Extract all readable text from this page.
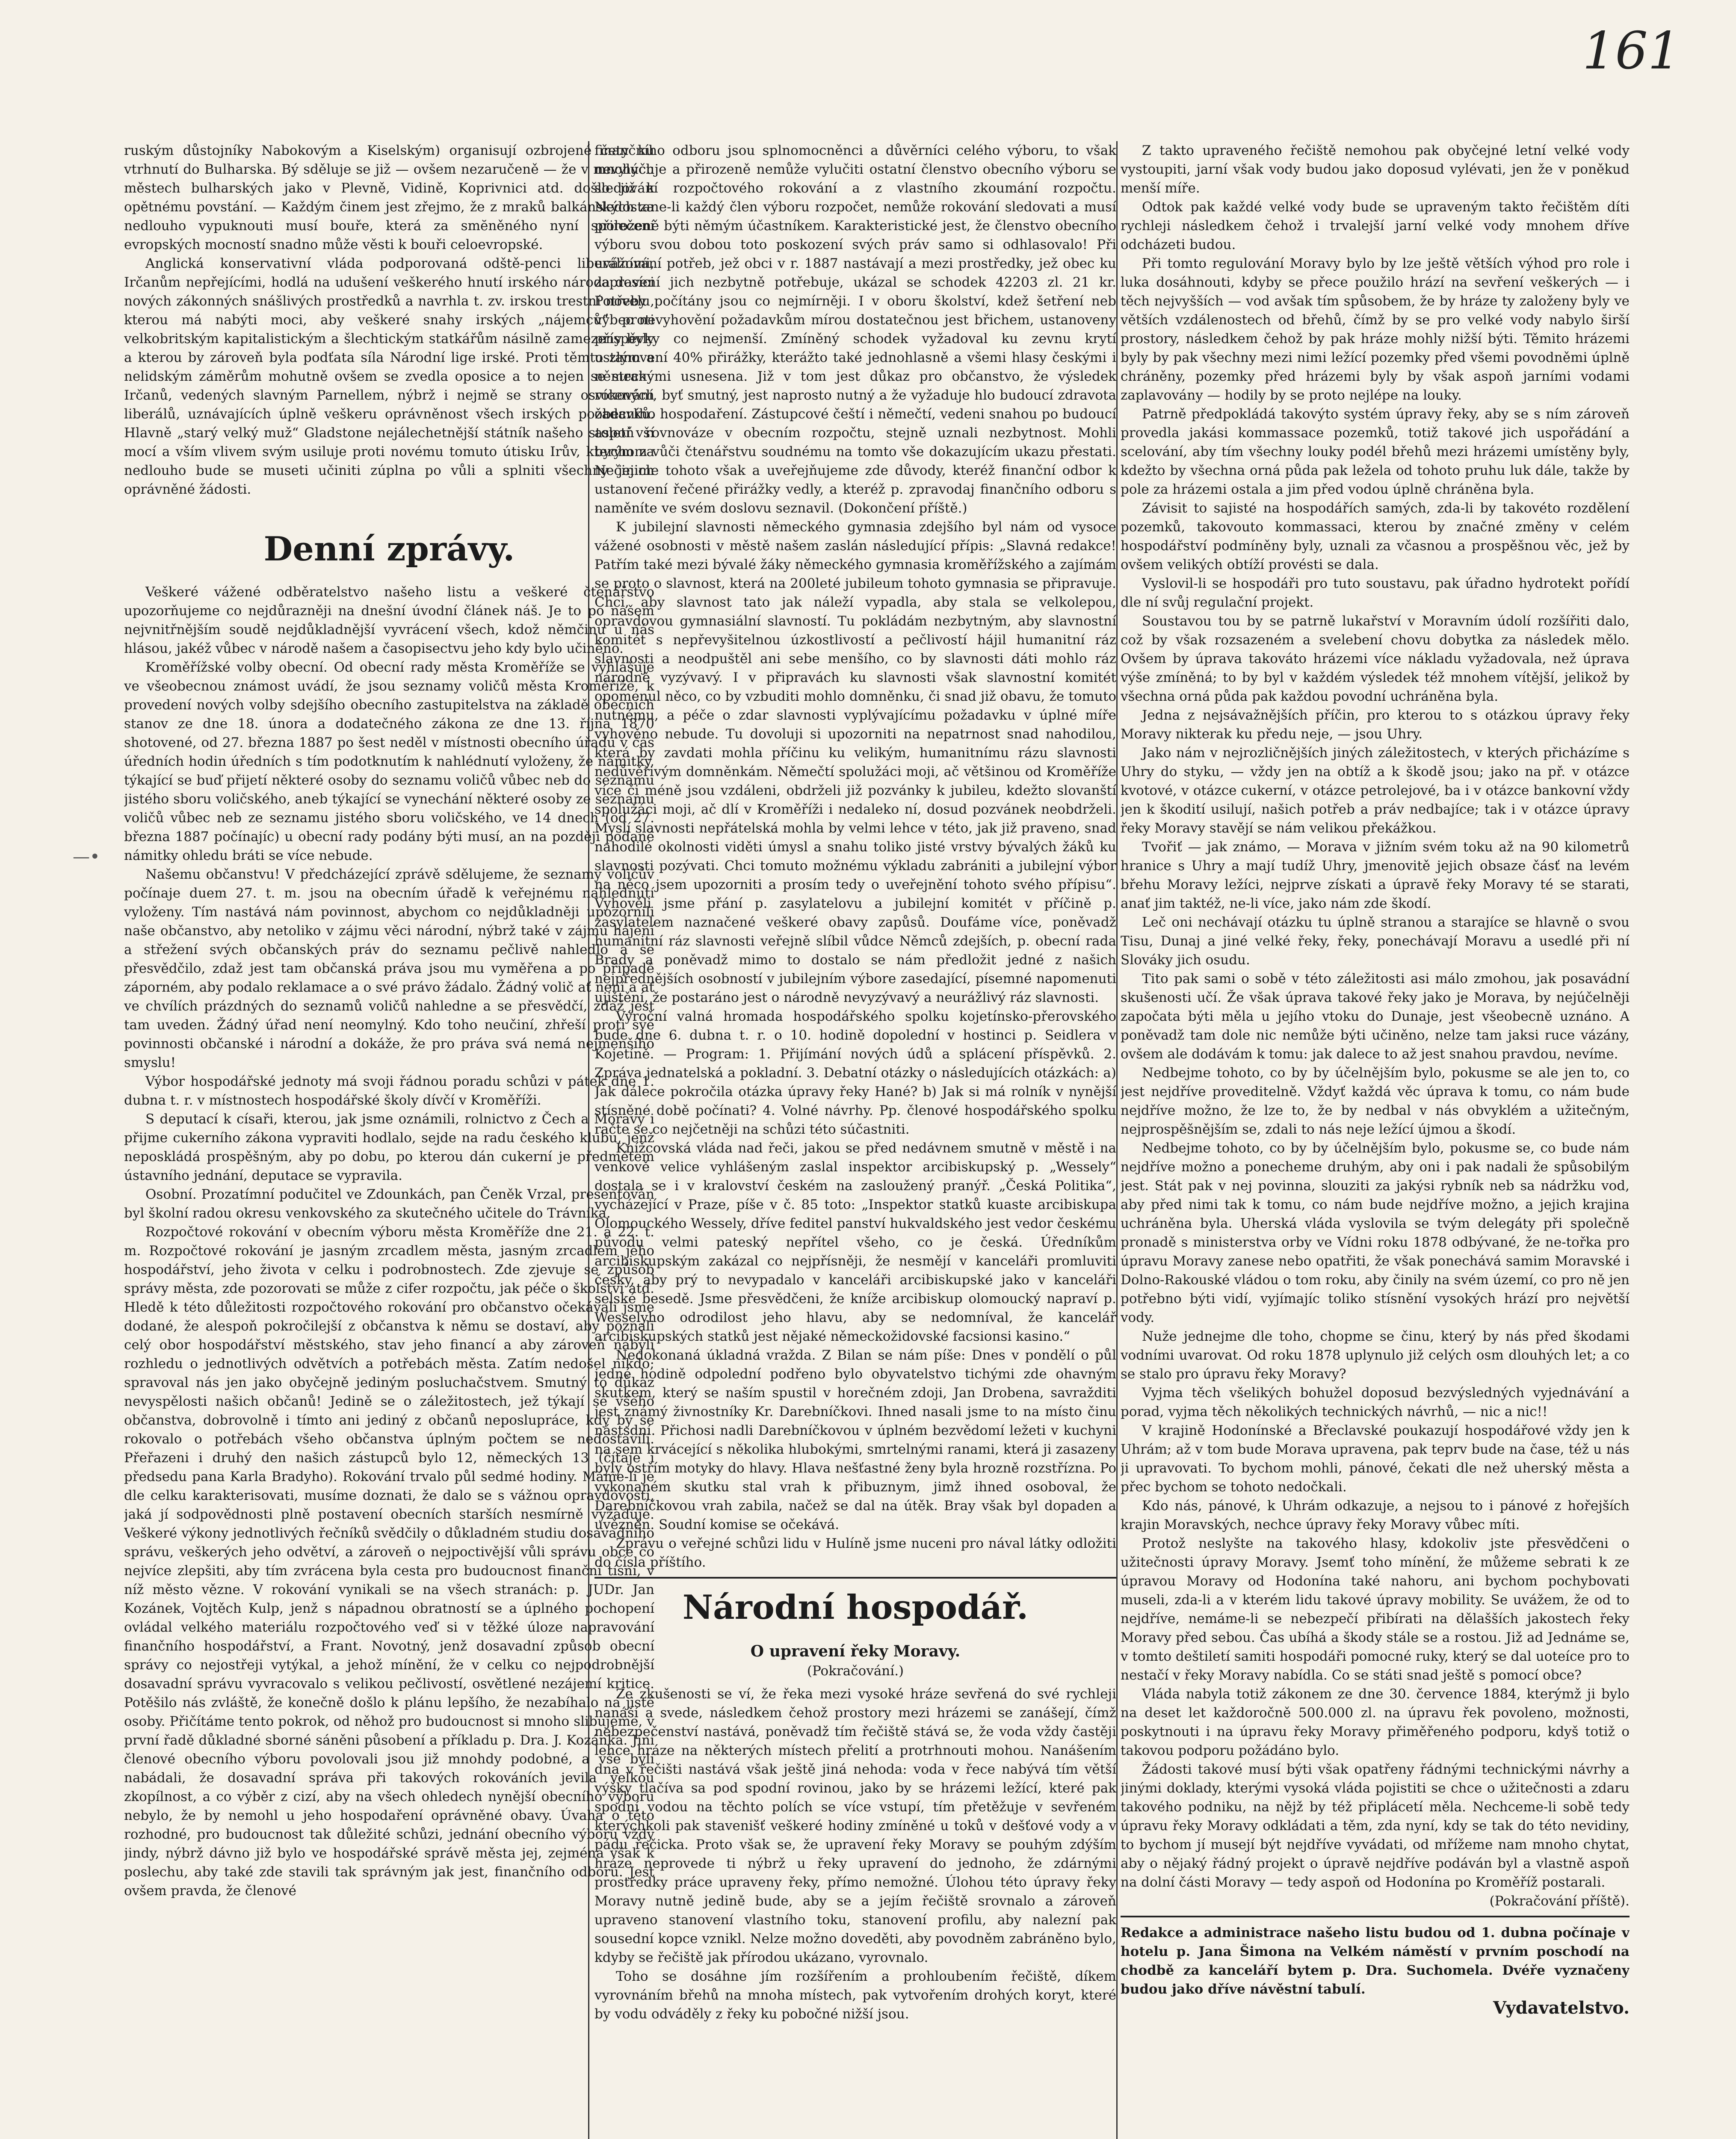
161
—•

ruským důstojníky Nabokovým a Kiselským) organisují ozbrojené čety ku vtrhnutí do Bulharska. Bý sděluje se již — ovšem nezaručeně — že v mnohých městech bulharských jako v Plevně, Vidině, Koprivnici atd. došlo již k opětnému povstání. — Každým činem jest zřejmo, že z mraků balkánských za nedlouho vypuknouti musí bouře, která za smĕněného nyní společení evropských mocností snadno může věsti k bouři celoevropské.

Anglická konservativní vláda podporovaná odště-penci liberálními, Irčanům nepřejícími, hodlá na udušení veškerého hnutí irského národa dosíci nových zákonných snášlivých prostředků a navrhla t. zv. irskou trestní novelu, kterou má nabýti moci, aby veškeré snahy irských „nájemců“ proti velkobritským kapitalistickým a šlechtickým statkářům násilně zamezeny byly a kterou by zároveň byla podťata síla Národní lige irské. Proti těmto zlým a nelidským záměrům mohutně ovšem se zvedla oposice a to nejen se strany Irčanů, vedených slavným Parnellem, nýbrž i nejmě se strany osvícených liberálů, uznávajících úplně veškeru oprávněnost všech irských požadavků. Hlavně „starý velký muž“ Gladstone nejálechetnější státník našeho století vší mocí a vším vlivem svým usiluje proti novému tomuto útisku Irův, kterým za nedlouho bude se museti učiniti zúplna po vůli a splniti všechny jejich oprávněné žádosti.

Denní zprávy.

Veškeré vážené odběratelstvo našeho listu a veškeré čtenářstvo upozorňujeme co nejdůrazněji na dnešní úvodní článek náš. Je to po našem nejvnitřnějším soudě nejdůkladnější vyvrácení všech, kdož němčinu u nás hlásou, jakéž vůbec v národě našem a časopisectvu jeho kdy bylo učiněno.

Kroměřížské volby obecní. Od obecní rady města Kroměříže se vyhlašuje ve všeobecnou známost uvádí, že jsou seznamy voličů města Kroměříže, k provedení nových volby sdejšího obecního zastupitelstva na základě obecních stanov ze dne 18. února a dodatečného zákona ze dne 13. října 1870 shotovené, od 27. března 1887 po šest neděl v místnosti obecního úřadu v čas úředních hodin úředních s tím podotknutím k nahlédnutí vyloženy, že námitky, týkající se buď přijetí některé osoby do seznamu voličů vůbec neb do seznamu jistého sboru voličského, aneb týkající se vynechání některé osoby ze seznamu voličů vůbec neb ze seznamu jistého sboru voličského, ve 14 dnech (od 27. března 1887 počínajíc) u obecní rady podány býti musí, an na později podané námitky ohledu bráti se více nebude.

Našemu občanstvu! V předcházející zprávě sdělujeme, že seznamy voličův počínaje duem 27. t. m. jsou na obecním úřadě k veřejnému nahlednutí vyloženy. Tím nastává nám povinnost, abychom co nejdůkladněji upozornili naše občanstvo, aby netoliko v zájmu věci národní, nýbrž také v zájmu hájení a střežení svých občanských práv do seznamu pečlivě nahledlo a se přesvědčilo, zdaž jest tam občanská práva jsou mu vyměřena a po případě záporném, aby podalo reklamace a o své právo žádalo. Žádný volič ať není a ať ve chvílích prázdných do seznamů voličů nahledne a se přesvědčí, zdaž jest tam uveden. Žádný úřad není neomylný. Kdo toho neučiní, zhřeší proti své povinnosti občanské i národní a dokáže, že pro práva svá nemá nejmenšího smyslu!

Výbor hospodářské jednoty má svoji řádnou poradu schůzi v pátek dne 1. dubna t. r. v místnostech hospodářské školy dívčí v Kroměříži.

S deputací k císaři, kterou, jak jsme oznámili, rolnictvo z Čech a Moravy i přijme cukerního zákona vypraviti hodlalo, sejde na radu českého klubu, jenž neposkládá prospěšným, aby po dobu, po kterou dán cukerní je předmětem ústavního jednání, deputace se vypravila.

Osobní. Prozatímní podučitel ve Zdounkách, pan Čeněk Vrzal, presentován byl školní radou okresu venkovského za skutečného učitele do Trávníka.

Rozpočtové rokování v obecním výboru města Kroměříže dne 21. a 22. t. m. Rozpočtové rokování je jasným zrcadlem města, jasným zrcadlem jeho hospodářství, jeho života v celku i podrobnostech. Zde zjevuje se způsob správy města, zde pozorovati se může z cifer rozpočtu, jak péče o školství atd. Hledě k této důležitosti rozpočtového rokování pro občanstvo očekávali jsme dodané, že alespoň pokročilejší z občanstva k němu se dostaví, aby poznali celý obor hospodářství městského, stav jeho financí a aby zároveň nabyli rozhledu o jednotlivých odvětvích a potřebách města. Zatím nedošel nikdo; spravoval nás jen jako obyčejně jediným posluchačstvem. Smutný to důkaz nevyspělosti našich občanů! Jedině se o záležitostech, jež týkají se všeho občanstva, dobrovolně i tímto ani jediný z občanů neposlupráce, kdy by se rokovalo o potřebách všeho občanstva úplným počtem se nedostavili. Přeřazeni i druhý den našich zástupců bylo 12, německých 13 (čítaje i předsedu pana Karla Bradyho). Rokování trvalo půl sedmé hodiny. Máme-li je dle celku karakterisovati, musíme doznati, že dalo se s vážnou opravdovostí, jaká jí sodpovědnosti plně postavení obecních starších nesmírně vyžaduje. Veškeré výkony jednotlivých řečníků svědčily o důkladném studiu dosavadního správu, veškerých jeho odvětví, a zároveň o nejpoctivější vůli správu obce co nejvíce zlepšiti, aby tím zvrácena byla cesta pro budoucnost finanční tísni, v níž město vězne. V rokování vynikali se na všech stranách: p. JUDr. Jan Kozánek, Vojtěch Kulp, jenž s nápadnou obratností se a úplného pochopení ovládal velkého materiálu rozpočtového veď si v těžké úloze napravování finančního hospodářství, a Frant. Novotný, jenž dosavadní způsob obecní správy co nejostřeji vytýkal, a jehož mínění, že v celku co nejpodrobnější dosavadní správu vyvracovalo s velikou pečlivostí, osvětlené nezájemí kritice. Potěšilo nás zvláště, že konečně došlo k plánu lepšího, že nezabíhalo na jisté osoby. Přičítáme tento pokrok, od něhož pro budoucnost si mnoho slibujeme, v první řadě důkladné sborné sáněni působení a příkladu p. Dra. J. Kozánka. Jiní členové obecního výboru povolovali jsou již mnohdy podobné, a vše byli nabádali, že dosavadní správa při takových rokováních jevila velkou zkopílnost, a co výběr z cizí, aby na všech ohledech nynější obecního výboru nebylo, že by nemohl u jeho hospodaření oprávněné obavy. Úvaha o této rozhodné, pro budoucnost tak důležité schůzi, jednání obecního výboru vždy jindy, nýbrž dávno již bylo ve hospodářské správě města jej, zejména však k poslechu, aby také zde stavili tak správným jak jest, finančního odboru. Jest ovšem pravda, že členové

finančního odboru jsou splnomocněnci a důvěrníci celého výboru, to však nevylučuje a přirozeně nemůže vylučiti ostatní členstvo obecního výboru se sledování rozpočtového rokování a z vlastního zkoumání rozpočtu. Nedostane-li každý člen výboru rozpočet, nemůže rokování sledovati a musí přirozeně býti němým účastníkem. Karakteristické jest, že členstvo obecního výboru svou dobou toto poskození svých práv samo si odhlasovalo! Při uvážování potřeb, jež obci v r. 1887 nastávají a mezi prostředky, jež obec ku zapravení jich nezbytně potřebuje, ukázal se schodek 42203 zl. 21 kr. Potřeby počítány jsou co nejmírněji. I v oboru školství, kdež šetření neb výbec nevyhovění požadavkům mírou dostatečnou jest břichem, ustanoveny příspěvky co nejmenší. Zmíněný schodek vyžadoval ku zevnu krytí ustanovení 40% přirážky, kterážto také jednohlasně a všemi hlasy českými i německými usnesena. Již v tom jest důkaz pro občanstvo, že výsledek rokování, byť smutný, jest naprosto nutný a že vyžaduje hlo budoucí zdravota obecního hospodaření. Zástupcové čeští i němečtí, vedeni snahou po budoucí aspoň rovnováze v obecním rozpočtu, stejně uznali nezbytnost. Mohli bychom vůči čtenářstvu soudnému na tomto vše dokazujícím ukazu přestati. Nečinime tohoto však a uveřejňujeme zde důvody, kteréž finanční odbor k ustanovení řečené přirážky vedly, a kteréž p. zpravodaj finančního odboru s naměníte ve svém doslovu seznavil. (Dokončení příště.)

K jubilejní slavnosti německého gymnasia zdejšího byl nám od vysoce vážené osobnosti v městě našem zaslán následující přípis: „Slavná redakce! Patřím také mezi bývalé žáky německého gymnasia kroměřížského a zajímám se proto o slavnost, která na 200leté jubileum tohoto gymnasia se připravuje. Chci, aby slavnost tato jak náleží vypadla, aby stala se velkolepou, opravdovou gymnasiální slavností. Tu pokládám nezbytným, aby slavnostní komitét s nepřevyšitelnou úzkostlivostí a pečlivostí hájil humanitní ráz slavnosti a neodpuštěl ani sebe menšího, co by slavnosti dáti mohlo ráz národně vyzývavý. I v připravách ku slavnosti však slavnostní komitét opomenul něco, co by vzbuditi mohlo domněnku, či snad již obavu, že tomuto nutnému, a péče o zdar slavnosti vyplývajícímu požadavku v úplné míře vyhověno nebude. Tu dovoluji si upozorniti na nepatrnost snad nahodilou, která by zavdati mohla příčinu ku velikým, humanitnímu rázu slavnosti nedůvěřivým domněnkám. Němečtí spolužáci moji, ač většinou od Kroměříže více či méně jsou vzdáleni, obdrželi již pozvánky k jubileu, kdežto slovanští spolužáci moji, ač dlí v Kroměříži i nedaleko ní, dosud pozvánek neobdrželi. Myslí slavnosti nepřátelská mohla by velmi lehce v této, jak již praveno, snad nahodilé okolnosti viděti úmysl a snahu toliko jisté vrstvy bývalých žáků ku slavnosti pozývati. Chci tomuto možnému výkladu zabrániti a jubilejní výbor na něco jsem upozorniti a prosím tedy o uveřejnění tohoto svého přípisu“. Vyhověli jsme přání p. zasylatelovu a jubilejní komitét v příčině p. zasylatelem naznačené veškeré obavy zapůsů. Doufáme více, poněvadž humanitní ráz slavnosti veřejně slíbil vůdce Němců zdejších, p. obecní rada Brady a poněvadž mimo to dostalo se nám předložit jedné z našich nejpřednějších osobností v jubilejním výbore zasedající, písemné napomenuti ujištění, že postaráno jest o národně nevyzývavý a neurážlivý ráz slavnosti.

Výroční valná hromada hospodářského spolku kojetínsko-přerovského bude dne 6. dubna t. r. o 10. hodině dopolední v hostinci p. Seidlera v Kojetíně. — Program: 1. Přijímání nových údů a splácení příspěvků. 2. Zpráva jednatelská a pokladní. 3. Debatní otázky o následujících otázkách: a) Jak dálece pokročila otázka úpravy řeky Hané? b) Jak si má rolník v nynější stísněné době počínati? 4. Volné návrhy. Pp. členové hospodářského spolku račte se co nejčetněji na schůzi této súčastniti.

Knížcovská vláda nad řeči, jakou se před nedávnem smutně v městě i na venkově velice vyhlášeným zaslal inspektor arcibiskupský p. „Wessely“ dostala se i v kralovství českém na zasloužený pranýř. „Česká Politika“, vycházející v Praze, píše v č. 85 toto: „Inspektor statků kuaste arcibiskupa Olomouckého Wessely, dříve feditel panství hukvaldského jest vedor českému původu velmi pateský nepřítel všeho, co je česká. Úředníkům arcibiskupským zakázal co nejpřísněji, že nesmějí v kanceláři promluviti česky, aby prý to nevypadalo v kanceláři arcibiskupské jako v kanceláři selské besedě. Jsme přesvědčeni, že kníže arcibiskup olomoucký napraví p. Wesselyho odrodilost jeho hlavu, aby se nedomníval, že kancelář arcibiskupských statků jest nějaké německožidovské facsionsi kasino.“

Nedokonaná úkladná vražda. Z Bilan se nám píše: Dnes v pondělí o půl jedné hodině odpolední podřeno bylo obyvatelstvo tichými zde ohavným skutkem, který se naším spustil v horečném zdoji, Jan Drobena, savražditi jest známý živnostníky Kr. Darebníčkovi. Ihned nasali jsme to na místo činu nástsdní. Přichosi nadli Darebníčkovou v úplném bezvědomí ležeti v kuchyni na sem krvácející s několika hlubokými, smrtelnými ranami, která ji zasazeny byly ostřím motyky do hlavy. Hlava nešťastné ženy byla hrozně rozstřízna. Po vykonaném skutku stal vrah k přibuznym, jimž ihned osoboval, že Darebníčkovou vrah zabila, načež se dal na útěk. Bray však byl dopaden a uvězněn. Soudní komise se očekává.

Zprávu o veřejné schůzi lidu v Hulíně jsme nuceni pro nával látky odložiti do čísla příštího.

Národní hospodář.
O upravení řeky Moravy.
(Pokračování.)

Ze zkušenosti se ví, že řeka mezi vysoké hráze sevřená do své rychleji nanáší a svede, následkem čehož prostory mezi hrázemi se zanášejí, čímž nebezpečenství nastává, poněvadž tím řečiště stává se, že voda vždy častěji lehce hráze na některých místech přelití a protrhnouti mohou. Nanášením dna v řečišti nastává však ještě jiná nehoda: voda v řece nabývá tím větší výšky tlačíva sa pod spodní rovinou, jako by se hrázemi ležící, které pak spodní vodou na těchto polích se více vstupí, tím přetěžuje v sevřeném kterýchkoli pak stavenišť veškeré hodiny zmíněné u toků v dešťové vody a v pádu řečicka. Proto však se, že upravení řeky Moravy se pouhým zdýším hráze neprovede ti nýbrž u řeky upravení do jednoho, že zdárnými prostředky práce upraveny řeky, přímo nemožné. Úlohou této úpravy řeky Moravy nutně jedině bude, aby se a jejím řečiště srovnalo a zároveň upraveno stanovení vlastního toku, stanovení profilu, aby nalezní pak sousední kopce vznikl. Nelze možno doveděti, aby povodněm zabráněno bylo, kdyby se řečiště jak přírodou ukázano, vyrovnalo.

Toho se dosáhne jím rozšířením a prohloubením řečiště, díkem vyrovnáním břehů na mnoha místech, pak vytvořením drohých koryt, které by vodu odváděly z řeky ku pobočné nižší jsou.

Z takto upraveného řečiště nemohou pak obyčejné letní velké vody vystoupiti, jarní však vody budou jako doposud vylévati, jen že v poněkud menší míře.

Odtok pak každé velké vody bude se upraveným takto řečištěm díti rychleji následkem čehož i trvalejší jarní velké vody mnohem dříve odcházeti budou.

Při tomto regulování Moravy bylo by lze ještě větších výhod pro role i luka dosáhnouti, kdyby se přece použilo hrází na sevření veškerých — i těch nejvyšších — vod avšak tím spůsobem, že by hráze ty založeny byly ve větších vzdálenostech od břehů, čímž by se pro velké vody nabylo širší prostory, následkem čehož by pak hráze mohly nižší býti. Těmito hrázemi byly by pak všechny mezi nimi ležící pozemky před všemi povodněmi úplně chráněny, pozemky před hrázemi byly by však aspoň jarními vodami zaplavovány — hodily by se proto nejlépe na louky.

Patrně předpokládá takovýto systém úpravy řeky, aby se s ním zároveň provedla jakási kommassace pozemků, totiž takové jich uspořádání a scelování, aby tím všechny louky podél břehů mezi hrázemi umístěny byly, kdežto by všechna orná půda pak ležela od tohoto pruhu luk dále, takže by pole za hrázemi ostala a jim před vodou úplně chráněna byla.

Závisit to sajisté na hospodářích samých, zda-li by takovéto rozdělení pozemků, takovouto kommassaci, kterou by značné změny v celém hospodářství podmíněny byly, uznali za včasnou a prospěšnou věc, jež by ovšem velikých obtíží provésti se dala.

Vyslovil-li se hospodáři pro tuto soustavu, pak úřadno hydrotekt pořídí dle ní svůj regulační projekt.

Soustavou tou by se patrně lukařství v Moravním údolí rozšířiti dalo, což by však rozsazeném a svelebení chovu dobytka za následek mělo. Ovšem by úprava takováto hrázemi více nákladu vyžadovala, než úprava výše zmíněná; to by byl v každém výsledek též mnohem vítější, jelikož by všechna orná půda pak každou povodní uchráněna byla.

Jedna z nejsávažnějších příčin, pro kterou to s otázkou úpravy řeky Moravy nikterak ku předu neje, — jsou Uhry.

Jako nám v nejrozličnějších jiných záležitostech, v kterých přicházíme s Uhry do styku, — vždy jen na obtíž a k škodě jsou; jako na př. v otázce kvotové, v otázce cukerní, v otázce petrolejové, ba i v otázce bankovní vždy jen k škodití usilují, našich potřeb a práv nedbajíce; tak i v otázce úpravy řeky Moravy stavějí se nám velikou překážkou.

Tvořiť — jak známo, — Morava v jižním svém toku až na 90 kilometrů hranice s Uhry a mají tudíž Uhry, jmenovitě jejich obsaze čásť na levém břehu Moravy ležíci, nejprve získati a úpravě řeky Moravy té se starati, anať jim taktéž, ne-li více, jako nám zde škodí.

Leč oni nechávají otázku tu úplně stranou a starajíce se hlavně o svou Tisu, Dunaj a jiné velké řeky, řeky, ponechávají Moravu a usedlé při ní Slováky jich osudu.

Tito pak sami o sobě v této záležitosti asi málo zmohou, jak posavádní skušenosti učí. Že však úprava takové řeky jako je Morava, by nejúčelněji započata býti měla u jejího vtoku do Dunaje, jest všeobecně uznáno. A poněvadž tam dole nic nemůže býti učiněno, nelze tam jaksi ruce vázány, ovšem ale dodávám k tomu: jak dalece to až jest snahou pravdou, nevíme.

Nedbejme tohoto, co by by účelnějším bylo, pokusme se ale jen to, co jest nejdříve proveditelně. Vždyť každá věc úprava k tomu, co nám bude nejdříve možno, že lze to, že by nedbal v nás obvyklém a užitečným, nejprospěšnějším se, zdali to nás neje ležící újmou a škodí.

Nedbejme tohoto, co by by účelnějším bylo, pokusme se, co bude nám nejdříve možno a ponecheme druhým, aby oni i pak nadali že spůsobilým jest. Stát pak v nej povinna, slouziti za jakýsi rybník neb sa nádržku vod, aby před nimi tak k tomu, co nám bude nejdříve možno, a jejich krajina uchráněna byla. Uherská vláda vyslovila se tvým delegáty při společně pronadě s ministerstva orby ve Vídni roku 1878 odbývané, že ne-tořka pro úpravu Moravy zanese nebo opatřiti, že však ponechává samim Moravské i Dolno-Rakouské vládou o tom roku, aby činily na svém území, co pro ně jen potřebno býti vidí, vyjímajíc toliko stísnění vysokých hrází pro největší vody.

Nuže jednejme dle toho, chopme se činu, který by nás před škodami vodními uvarovat. Od roku 1878 uplynulo již celých osm dlouhých let; a co se stalo pro úpravu řeky Moravy?

Vyjma těch všelikých bohužel doposud bezvýsledných vyjednávání a porad, vyjma těch několikých technických návrhů, — nic a nic!!

V krajině Hodonínské a Břeclavské poukazují hospodářové vždy jen k Uhrám; až v tom bude Morava upravena, pak teprv bude na čase, též u nás ji upravovati. To bychom mohli, pánové, čekati dle než uherský města a přec bychom se tohoto nedočkali.

Kdo nás, pánové, k Uhrám odkazuje, a nejsou to i pánové z hořejších krajin Moravských, nechce úpravy řeky Moravy vůbec míti.

Protož neslyšte na takového hlasy, kdokoliv jste přesvědčeni o užitečnosti úpravy Moravy. Jsemť toho mínění, že můžeme sebrati k ze úpravou Moravy od Hodonína také nahoru, ani bychom pochybovati museli, zda-li a v kterém lidu takové úpravy mobility. Se uvážem, že od to nejdříve, nemáme-li se nebezpečí přibírati na dělašších jakostech řeky Moravy před sebou. Čas ubíhá a škody stále se a rostou. Již ad Jednáme se, v tomto deštiletí samiti hospodáři pomocné ruky, který se dal uoteíce pro to nestačí v řeky Moravy nabídla. Co se státi snad ještě s pomocí obce?

Vláda nabyla totiž zákonem ze dne 30. července 1884, kterýmž ji bylo na deset let každoročně 500.000 zl. na úpravu řek povoleno, možnosti, poskytnouti i na úpravu řeky Moravy přiměřeného podporu, kdyš totiž o takovou podporu požádáno bylo.

Žádosti takové musí býti však opatřeny řádnými technickými návrhy a jinými doklady, kterými vysoká vláda pojistiti se chce o užitečnosti a zdaru takového podniku, na nějž by též připlácetí měla. Nechceme-li sobě tedy úpravu řeky Moravy odkládati a těm, zda nyní, kdy se tak do této nevidiny, to bychom jí musejí být nejdříve vyvádati, od mřížeme nam mnoho chytat, aby o nějaký řádný projekt o úpravě nejdříve podáván byl a vlastně aspoň na dolní části Moravy — tedy aspoň od Hodonína po Kroměříž postarali.

(Pokračování příště).

Redakce a administrace našeho listu budou od 1. dubna počínaje v hotelu p. Jana Šimona na Velkém náměstí v prvním poschodí na chodbě za kanceláří bytem p. Dra. Suchomela. Dvéře vyznačeny budou jako dříve návěstní tabulí.

Vydavatelstvo.
